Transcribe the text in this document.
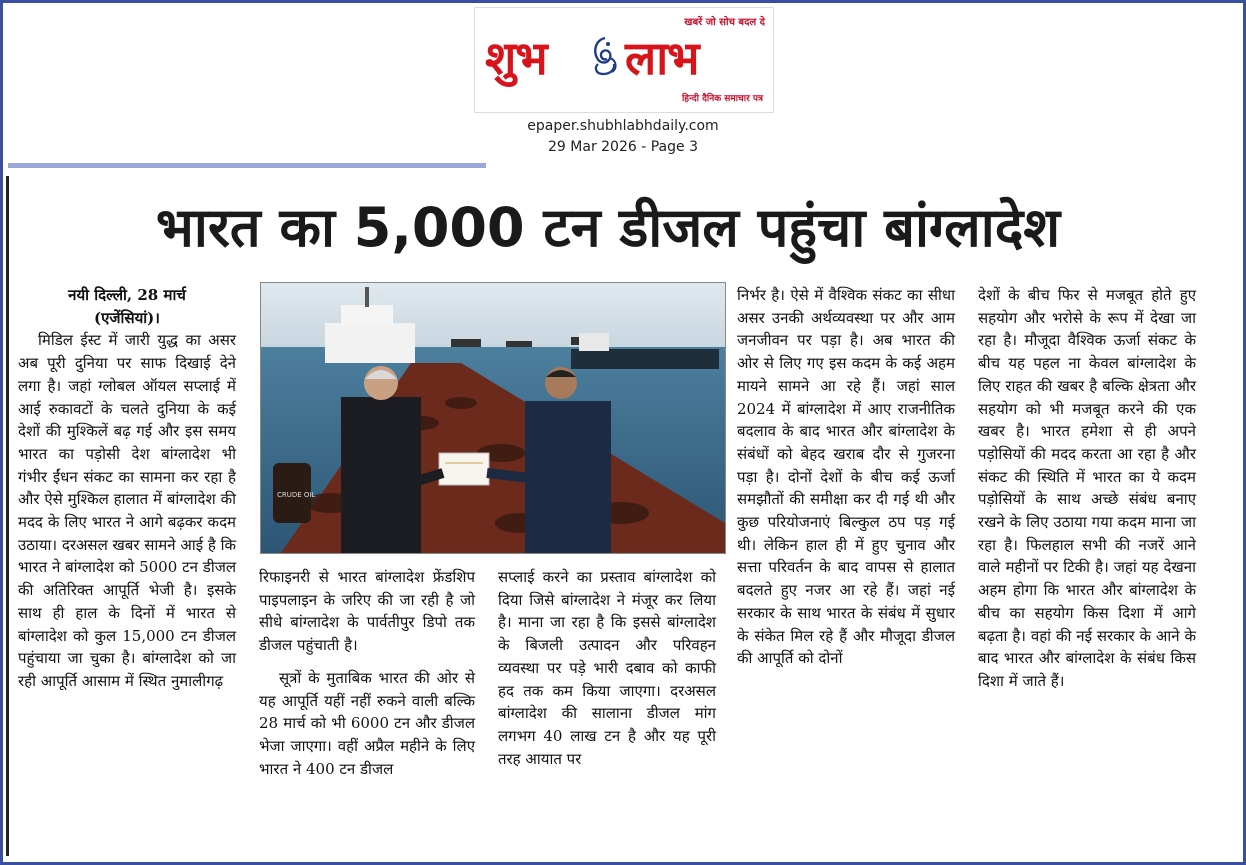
खबरें जो सोच बदल दे
शुभ लाभ
हिन्दी दैनिक समाचार पत्र
epaper.shubhlabhdaily.com
29 Mar 2026 - Page 3
भारत का 5,000 टन डीजल पहुंचा बांग्लादेश

नयी दिल्ली, 28 मार्च

(एजेंसियां)।

मिडिल ईस्ट में जारी युद्ध का असर अब पूरी दुनिया पर साफ दिखाई देने लगा है। जहां ग्लोबल ऑयल सप्लाई में आई रुकावटों के चलते दुनिया के कई देशों की मुश्किलें बढ़ गई और इस समय भारत का पड़ोसी देश बांग्लादेश भी गंभीर ईंधन संकट का सामना कर रहा है और ऐसे मुश्किल हालात में बांग्लादेश की मदद के लिए भारत ने आगे बढ़कर कदम उठाया। दरअसल खबर सामने आई है कि भारत ने बांग्लादेश को 5000 टन डीजल की अतिरिक्त आपूर्ति भेजी है। इसके साथ ही हाल के दिनों में भारत से बांग्लादेश को कुल 15,000 टन डीजल पहुंचाया जा चुका है। बांग्लादेश को जा रही आपूर्ति आसाम में स्थित नुमालीगढ़

CRUDE OIL

रिफाइनरी से भारत बांग्लादेश फ्रेंडशिप पाइपलाइन के जरिए की जा रही है जो सीधे बांग्लादेश के पार्वतीपुर डिपो तक डीजल पहुंचाती है।

सूत्रों के मुताबिक भारत की ओर से यह आपूर्ति यहीं नहीं रुकने वाली बल्कि 28 मार्च को भी 6000 टन और डीजल भेजा जाएगा। वहीं अप्रैल महीने के लिए भारत ने 400 टन डीजल

सप्लाई करने का प्रस्ताव बांग्लादेश को दिया जिसे बांग्लादेश ने मंजूर कर लिया है। माना जा रहा है कि इससे बांग्लादेश के बिजली उत्पादन और परिवहन व्यवस्था पर पड़े भारी दबाव को काफी हद तक कम किया जाएगा। दरअसल बांग्लादेश की सालाना डीजल मांग लगभग 40 लाख टन है और यह पूरी तरह आयात पर

निर्भर है। ऐसे में वैश्विक संकट का सीधा असर उनकी अर्थव्यवस्था पर और आम जनजीवन पर पड़ा है। अब भारत की ओर से लिए गए इस कदम के कई अहम मायने सामने आ रहे हैं। जहां साल 2024 में बांग्लादेश में आए राजनीतिक बदलाव के बाद भारत और बांग्लादेश के संबंधों को बेहद खराब दौर से गुजरना पड़ा है। दोनों देशों के बीच कई ऊर्जा समझौतों की समीक्षा कर दी गई थी और कुछ परियोजनाएं बिल्कुल ठप पड़ गई थी। लेकिन हाल ही में हुए चुनाव और सत्ता परिवर्तन के बाद वापस से हालात बदलते हुए नजर आ रहे हैं। जहां नई सरकार के साथ भारत के संबंध में सुधार के संकेत मिल रहे हैं और मौजूदा डीजल की आपूर्ति को दोनों

देशों के बीच फिर से मजबूत होते हुए सहयोग और भरोसे के रूप में देखा जा रहा है। मौजूदा वैश्विक ऊर्जा संकट के बीच यह पहल ना केवल बांग्लादेश के लिए राहत की खबर है बल्कि क्षेत्रता और सहयोग को भी मजबूत करने की एक खबर है। भारत हमेशा से ही अपने पड़ोसियों की मदद करता आ रहा है और संकट की स्थिति में भारत का ये कदम पड़ोसियों के साथ अच्छे संबंध बनाए रखने के लिए उठाया गया कदम माना जा रहा है। फिलहाल सभी की नजरें आने वाले महीनों पर टिकी है। जहां यह देखना अहम होगा कि भारत और बांग्लादेश के बीच का सहयोग किस दिशा में आगे बढ़ता है। वहां की नई सरकार के आने के बाद भारत और बांग्लादेश के संबंध किस दिशा में जाते हैं।
